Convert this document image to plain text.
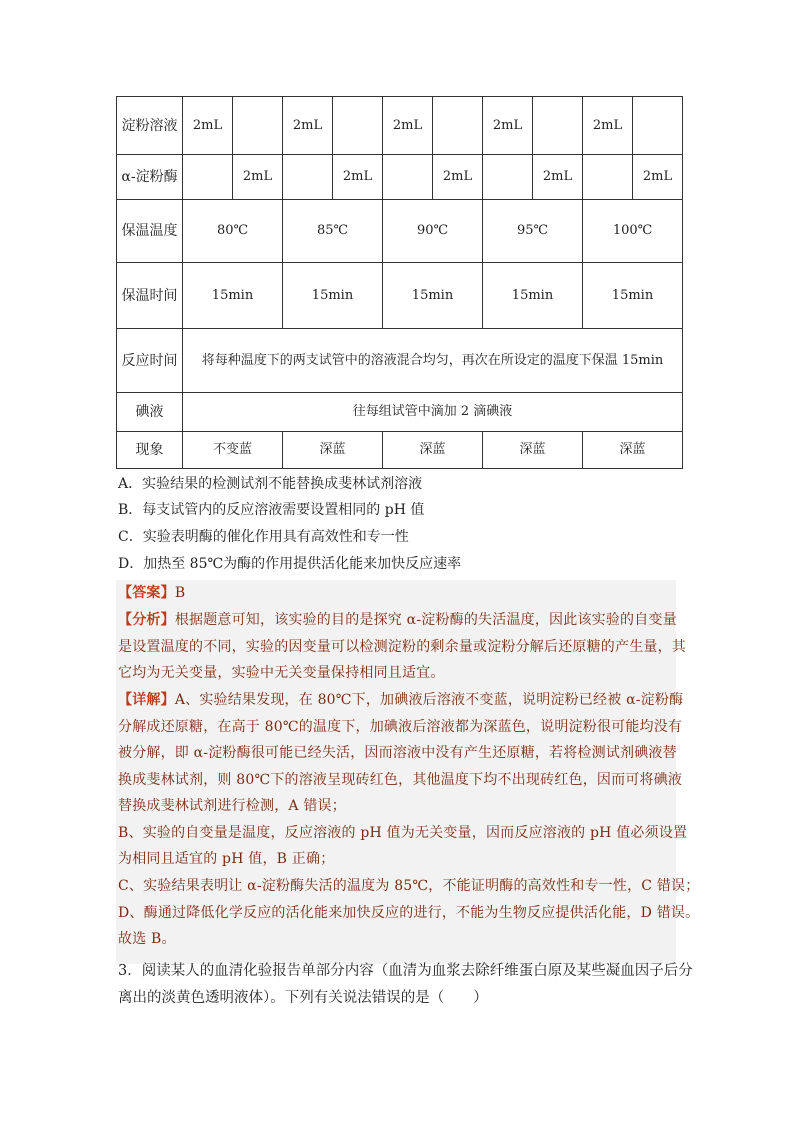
淀粉溶液	2mL		2mL		2mL		2mL		2mL	
α-淀粉酶		2mL		2mL		2mL		2mL		2mL
保温温度	80℃		85℃		90℃		95℃		100℃	
保温时间	15min		15min		15min		15min		15min	
反应时间	将每种温度下的两支试管中的溶液混合均匀，再次在所设定的温度下保温 15min									
碘液	往每组试管中滴加 2 滴碘液									
现象	不变蓝		深蓝		深蓝		深蓝		深蓝	
A．实验结果的检测试剂不能替换成斐林试剂溶液
B．每支试管内的反应溶液需要设置相同的 pH 值
C．实验表明酶的催化作用具有高效性和专一性
D．加热至 85℃为酶的作用提供活化能来加快反应速率
【答案】B
【分析】根据题意可知，该实验的目的是探究 α-淀粉酶的失活温度，因此该实验的自变量
是设置温度的不同，实验的因变量可以检测淀粉的剩余量或淀粉分解后还原糖的产生量，其
它均为无关变量，实验中无关变量保持相同且适宜。
【详解】A、实验结果发现，在 80℃下，加碘液后溶液不变蓝，说明淀粉已经被 α-淀粉酶
分解成还原糖，在高于 80℃的温度下，加碘液后溶液都为深蓝色，说明淀粉很可能均没有
被分解，即 α-淀粉酶很可能已经失活，因而溶液中没有产生还原糖，若将检测试剂碘液替
换成斐林试剂，则 80℃下的溶液呈现砖红色，其他温度下均不出现砖红色，因而可将碘液
替换成斐林试剂进行检测，A 错误；
B、实验的自变量是温度，反应溶液的 pH 值为无关变量，因而反应溶液的 pH 值必须设置
为相同且适宜的 pH 值，B 正确；
C、实验结果表明让 α-淀粉酶失活的温度为 85℃，不能证明酶的高效性和专一性，C 错误；
D、酶通过降低化学反应的活化能来加快反应的进行，不能为生物反应提供活化能，D 错误。
故选 B。
3．阅读某人的血清化验报告单部分内容（血清为血浆去除纤维蛋白原及某些凝血因子后分
离出的淡黄色透明液体）。下列有关说法错误的是（　　）
